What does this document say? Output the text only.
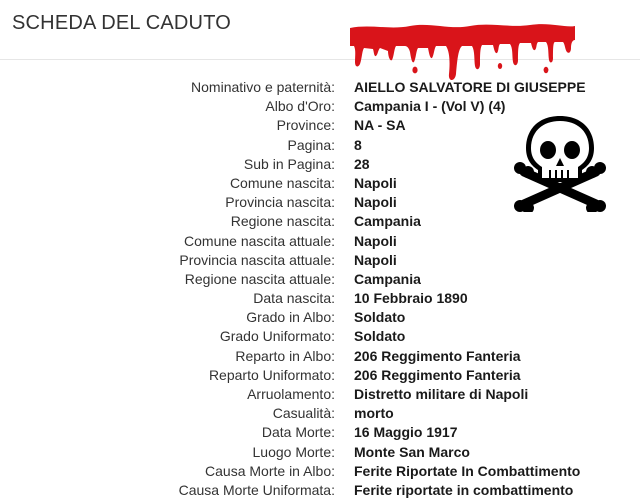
SCHEDA DEL CADUTO
Nominativo e paternità: AIELLO SALVATORE DI GIUSEPPE
Albo d'Oro: Campania I - (Vol V) (4)
Province: NA - SA
Pagina: 8
Sub in Pagina: 28
Comune nascita: Napoli
Provincia nascita: Napoli
Regione nascita: Campania
Comune nascita attuale: Napoli
Provincia nascita attuale: Napoli
Regione nascita attuale: Campania
Data nascita: 10 Febbraio 1890
Grado in Albo: Soldato
Grado Uniformato: Soldato
Reparto in Albo: 206 Reggimento Fanteria
Reparto Uniformato: 206 Reggimento Fanteria
Arruolamento: Distretto militare di Napoli
Casualità: morto
Data Morte: 16 Maggio 1917
Luogo Morte: Monte San Marco
Causa Morte in Albo: Ferite Riportate In Combattimento
Causa Morte Uniformata: Ferite riportate in combattimento
